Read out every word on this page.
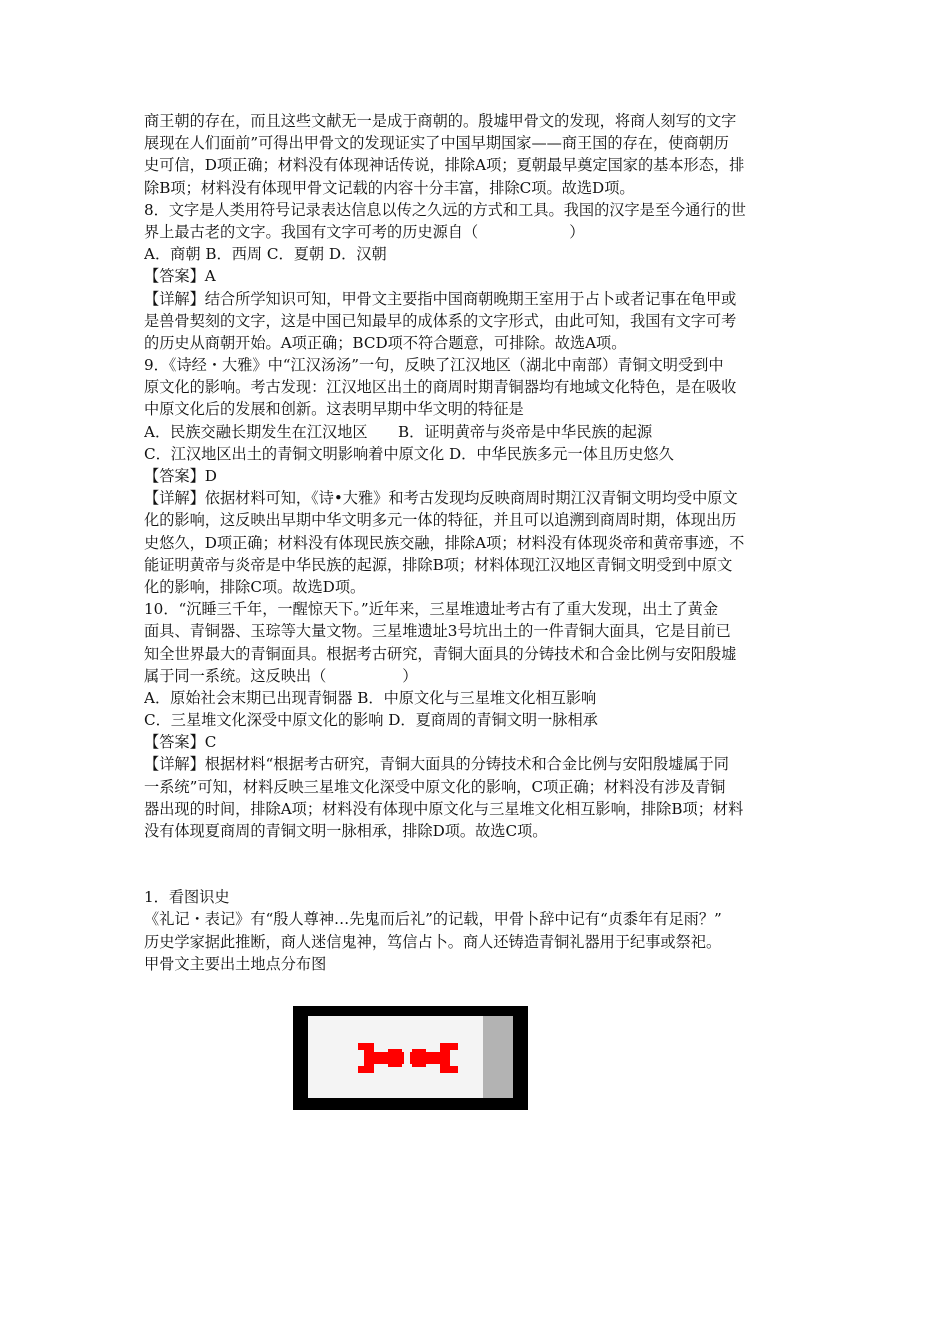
商王朝的存在，而且这些文献无一是成于商朝的。殷墟甲骨文的发现，将商人刻写的文字
展现在人们面前”可得出甲骨文的发现证实了中国早期国家——商王国的存在，使商朝历
史可信，D项正确；材料没有体现神话传说，排除A项；夏朝最早奠定国家的基本形态，排
除B项；材料没有体现甲骨文记载的内容十分丰富，排除C项。故选D项。
8．文字是人类用符号记录表达信息以传之久远的方式和工具。我国的汉字是至今通行的世
界上最古老的文字。我国有文字可考的历史源自（　　　　　　）
A．商朝 B．西周 C．夏朝 D．汉朝
【答案】A
【详解】结合所学知识可知，甲骨文主要指中国商朝晚期王室用于占卜或者记事在龟甲或
是兽骨契刻的文字，这是中国已知最早的成体系的文字形式，由此可知，我国有文字可考
的历史从商朝开始。A项正确；BCD项不符合题意，可排除。故选A项。
9．《诗经・大雅》中“江汉汤汤”一句，反映了江汉地区（湖北中南部）青铜文明受到中
原文化的影响。考古发现：江汉地区出土的商周时期青铜器均有地域文化特色，是在吸收
中原文化后的发展和创新。这表明早期中华文明的特征是
A．民族交融长期发生在江汉地区　　B．证明黄帝与炎帝是中华民族的起源
C．江汉地区出土的青铜文明影响着中原文化 D．中华民族多元一体且历史悠久
【答案】D
【详解】依据材料可知，《诗•大雅》和考古发现均反映商周时期江汉青铜文明均受中原文
化的影响，这反映出早期中华文明多元一体的特征，并且可以追溯到商周时期，体现出历
史悠久，D项正确；材料没有体现民族交融，排除A项；材料没有体现炎帝和黄帝事迹，不
能证明黄帝与炎帝是中华民族的起源，排除B项；材料体现江汉地区青铜文明受到中原文
化的影响，排除C项。故选D项。
10．“沉睡三千年，一醒惊天下。”近年来，三星堆遗址考古有了重大发现，出土了黄金
面具、青铜器、玉琮等大量文物。三星堆遗址3号坑出土的一件青铜大面具，它是目前已
知全世界最大的青铜面具。根据考古研究，青铜大面具的分铸技术和合金比例与安阳殷墟
属于同一系统。这反映出（　　　　　）
A．原始社会末期已出现青铜器 B．中原文化与三星堆文化相互影响
C．三星堆文化深受中原文化的影响 D．夏商周的青铜文明一脉相承
【答案】C
【详解】根据材料“根据考古研究，青铜大面具的分铸技术和合金比例与安阳殷墟属于同
一系统”可知，材料反映三星堆文化深受中原文化的影响，C项正确；材料没有涉及青铜
器出现的时间，排除A项；材料没有体现中原文化与三星堆文化相互影响，排除B项；材料
没有体现夏商周的青铜文明一脉相承，排除D项。故选C项。
1．看图识史
《礼记・表记》有“殷人尊神…先鬼而后礼”的记载，甲骨卜辞中记有“贞黍年有足雨？”
历史学家据此推断，商人迷信鬼神，笃信占卜。商人还铸造青铜礼器用于纪事或祭祀。
甲骨文主要出土地点分布图
